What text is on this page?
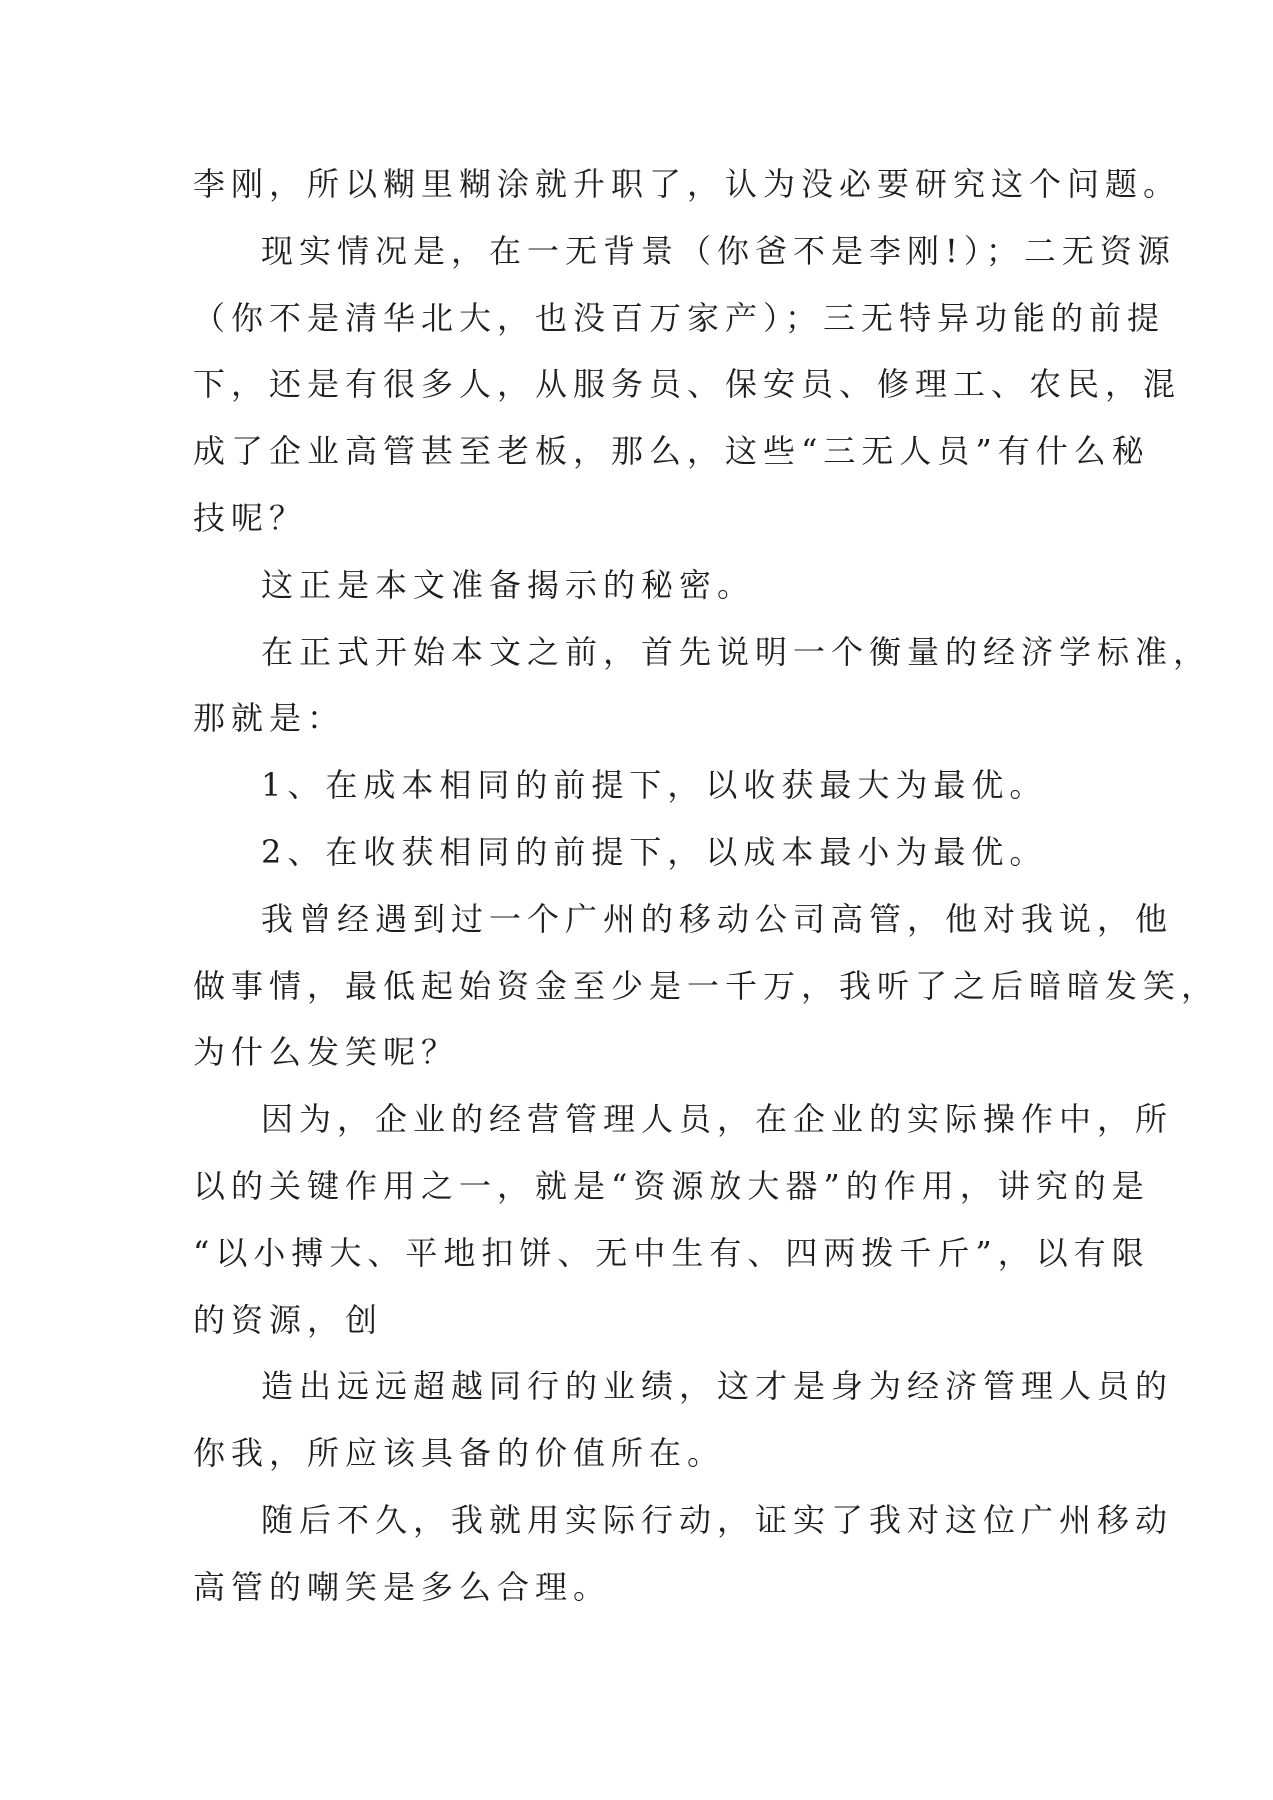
李刚，所以糊里糊涂就升职了，认为没必要研究这个问题。
现实情况是，在一无背景（你爸不是李刚!）；二无资源
（你不是清华北大，也没百万家产）；三无特异功能的前提
下，还是有很多人，从服务员、保安员、修理工、农民，混
成了企业高管甚至老板，那么，这些“三无人员”有什么秘
技呢？
这正是本文准备揭示的秘密。
在正式开始本文之前，首先说明一个衡量的经济学标准，
那就是：
1、在成本相同的前提下，以收获最大为最优。
2、在收获相同的前提下，以成本最小为最优。
我曾经遇到过一个广州的移动公司高管，他对我说，他
做事情，最低起始资金至少是一千万，我听了之后暗暗发笑，
为什么发笑呢？
因为，企业的经营管理人员，在企业的实际操作中，所
以的关键作用之一，就是“资源放大器”的作用，讲究的是
“以小搏大、平地扣饼、无中生有、四两拨千斤”，以有限
的资源，创
造出远远超越同行的业绩，这才是身为经济管理人员的
你我，所应该具备的价值所在。
随后不久，我就用实际行动，证实了我对这位广州移动
高管的嘲笑是多么合理。
